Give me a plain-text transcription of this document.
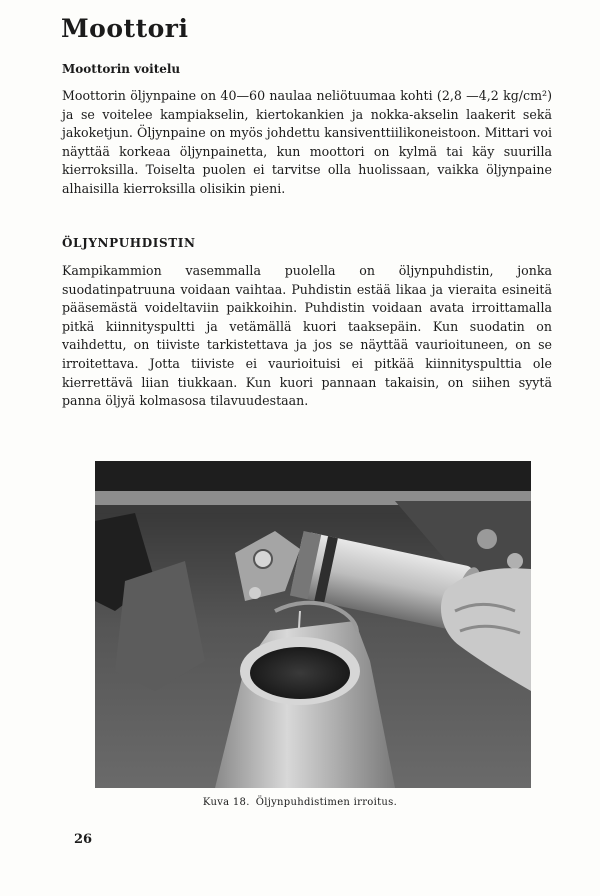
Moottori
Moottorin voitelu

Moottorin öljynpaine on 40—60 naulaa neliötuumaa kohti (2,8 —4,2 kg/cm²) ja se voitelee kampiakselin, kiertokankien ja nokka-akselin laakerit sekä jakoketjun. Öljynpaine on myös johdettu kansiventtiilikoneistoon. Mittari voi näyttää korkeaa öljynpainetta, kun moottori on kylmä tai käy suurilla kierroksilla. Toiselta puolen ei tarvitse olla huolissaan, vaikka öljynpaine alhaisilla kierroksilla olisikin pieni.

ÖLJYNPUHDISTIN

Kampikammion vasemmalla puolella on öljynpuhdistin, jonka suodatinpatruuna voidaan vaihtaa. Puhdistin estää likaa ja vieraita esineitä pääsemästä voideltaviin paikkoihin. Puhdistin voidaan avata irroittamalla pitkä kiinnityspultti ja vetämällä kuori taaksepäin. Kun suodatin on vaihdettu, on tiiviste tarkistettava ja jos se näyttää vaurioituneen, on se irroitettava. Jotta tiiviste ei vaurioituisi ei pitkää kiinnityspulttia ole kierrettävä liian tiukkaan. Kun kuori pannaan takaisin, on siihen syytä panna öljyä kolmasosa tilavuudestaan.

Kuva 18. Öljynpuhdistimen irroitus.

26
